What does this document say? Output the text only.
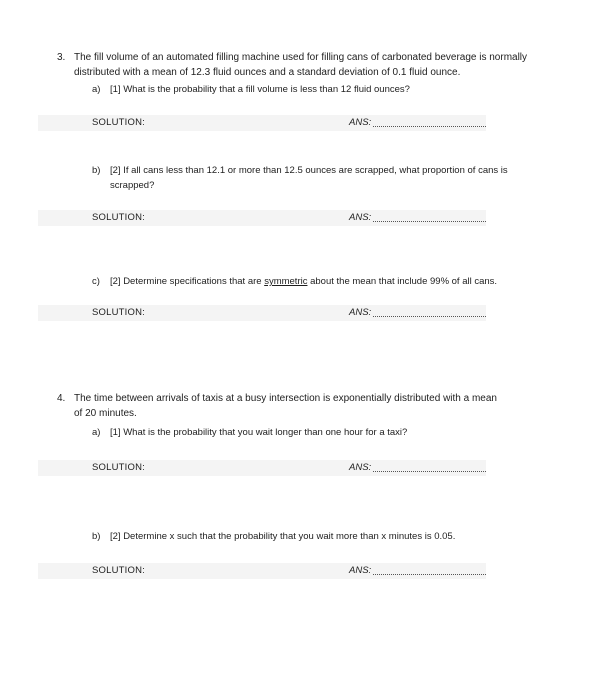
3. The fill volume of an automated filling machine used for filling cans of carbonated beverage is normally
distributed with a mean of 12.3 fluid ounces and a standard deviation of 0.1 fluid ounce.
a) [1] What is the probability that a fill volume is less than 12 fluid ounces?
SOLUTION:	ANS:
b) [2] If all cans less than 12.1 or more than 12.5 ounces are scrapped, what proportion of cans is
scrapped?
SOLUTION:	ANS:
c) [2] Determine specifications that are symmetric about the mean that include 99% of all cans.
SOLUTION:	ANS:
4. The time between arrivals of taxis at a busy intersection is exponentially distributed with a mean
of 20 minutes.
a) [1] What is the probability that you wait longer than one hour for a taxi?
SOLUTION:	ANS:
b) [2] Determine x such that the probability that you wait more than x minutes is 0.05.
SOLUTION:	ANS:
